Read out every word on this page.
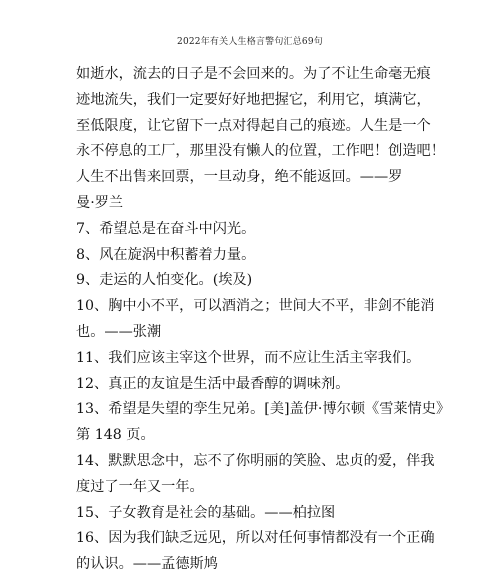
2022年有关人生格言警句汇总69句
如逝水，流去的日子是不会回来的。为了不让生命毫无痕
迹地流失，我们一定要好好地把握它，利用它，填满它，
至低限度，让它留下一点对得起自己的痕迹。人生是一个
永不停息的工厂，那里没有懒人的位置，工作吧！创造吧！
人生不出售来回票，一旦动身，绝不能返回。——罗
曼·罗兰
7、希望总是在奋斗中闪光。
8、风在旋涡中积蓄着力量。
9、走运的人怕变化。(埃及)
10、胸中小不平，可以酒消之；世间大不平，非剑不能消
也。——张潮
11、我们应该主宰这个世界，而不应让生活主宰我们。
12、真正的友谊是生活中最香醇的调味剂。
13、希望是失望的孪生兄弟。[美]盖伊·博尔顿《雪莱情史》
第 148 页。
14、默默思念中，忘不了你明丽的笑脸、忠贞的爱，伴我
度过了一年又一年。
15、子女教育是社会的基础。——柏拉图
16、因为我们缺乏远见，所以对任何事情都没有一个正确
的认识。——孟德斯鸠
